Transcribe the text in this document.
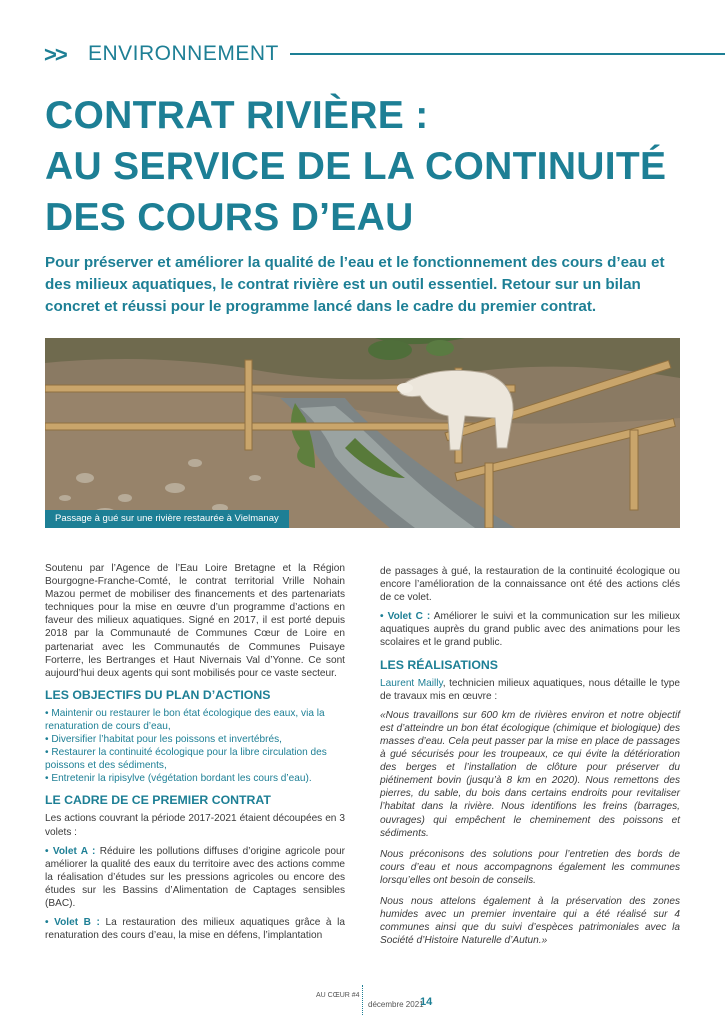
>> ENVIRONNEMENT
CONTRAT RIVIÈRE :
AU SERVICE DE LA CONTINUITÉ
DES COURS D’EAU

Pour préserver et améliorer la qualité de l’eau et le fonctionnement des cours d’eau et des milieux aquatiques, le contrat rivière est un outil essentiel. Retour sur un bilan concret et réussi pour le programme lancé dans le cadre du premier contrat.

Passage à gué sur une rivière restaurée à Vielmanay

Soutenu par l’Agence de l’Eau Loire Bretagne et la Région Bourgogne-Franche-Comté, le contrat territorial Vrille Nohain Mazou permet de mobiliser des financements et des partenariats techniques pour la mise en œuvre d’un programme d’actions en faveur des milieux aquatiques. Signé en 2017, il est porté depuis 2018 par la Communauté de Communes Cœur de Loire en partenariat avec les Communautés de Communes Puisaye Forterre, les Bertranges et Haut Nivernais Val d’Yonne. Ce sont aujourd’hui deux agents qui sont mobilisés pour ce vaste secteur.

LES OBJECTIFS DU PLAN D’ACTIONS
• Maintenir ou restaurer le bon état écologique des eaux, via la renaturation de cours d’eau,
• Diversifier l’habitat pour les poissons et invertébrés,
• Restaurer la continuité écologique pour la libre circulation des poissons et des sédiments,
• Entretenir la ripisylve (végétation bordant les cours d’eau).
LE CADRE DE CE PREMIER CONTRAT

Les actions couvrant la période 2017-2021 étaient découpées en 3 volets :

• Volet A : Réduire les pollutions diffuses d’origine agricole pour améliorer la qualité des eaux du territoire avec des actions comme la réalisation d’études sur les pressions agricoles ou encore des études sur les Bassins d’Alimentation de Captages sensibles (BAC).

• Volet B : La restauration des milieux aquatiques grâce à la renaturation des cours d’eau, la mise en défens, l’implantation

de passages à gué, la restauration de la continuité écologique ou encore l’amélioration de la connaissance ont été des actions clés de ce volet.

• Volet C : Améliorer le suivi et la communication sur les milieux aquatiques auprès du grand public avec des animations pour les scolaires et le grand public.

LES RÉALISATIONS

Laurent Mailly, technicien milieux aquatiques, nous détaille le type de travaux mis en œuvre :

«Nous travaillons sur 600 km de rivières environ et notre objectif est d’atteindre un bon état écologique (chimique et biologique) des masses d’eau. Cela peut passer par la mise en place de passages à gué sécurisés pour les troupeaux, ce qui évite la détérioration des berges et l’installation de clôture pour préserver du piétinement bovin (jusqu’à 8 km en 2020). Nous remettons des pierres, du sable, du bois dans certains endroits pour revitaliser l’habitat dans la rivière. Nous identifions les freins (barrages, ouvrages) qui empêchent le cheminement des poissons et sédiments.

Nous préconisons des solutions pour l’entretien des bords de cours d’eau et nous accompagnons également les communes lorsqu’elles ont besoin de conseils.

Nous nous attelons également à la préservation des zones humides avec un premier inventaire qui a été réalisé sur 4 communes ainsi que du suivi d’espèces patrimoniales avec la Société d’Histoire Naturelle d’Autun.»

AU CŒUR #4
décembre 2021
14
